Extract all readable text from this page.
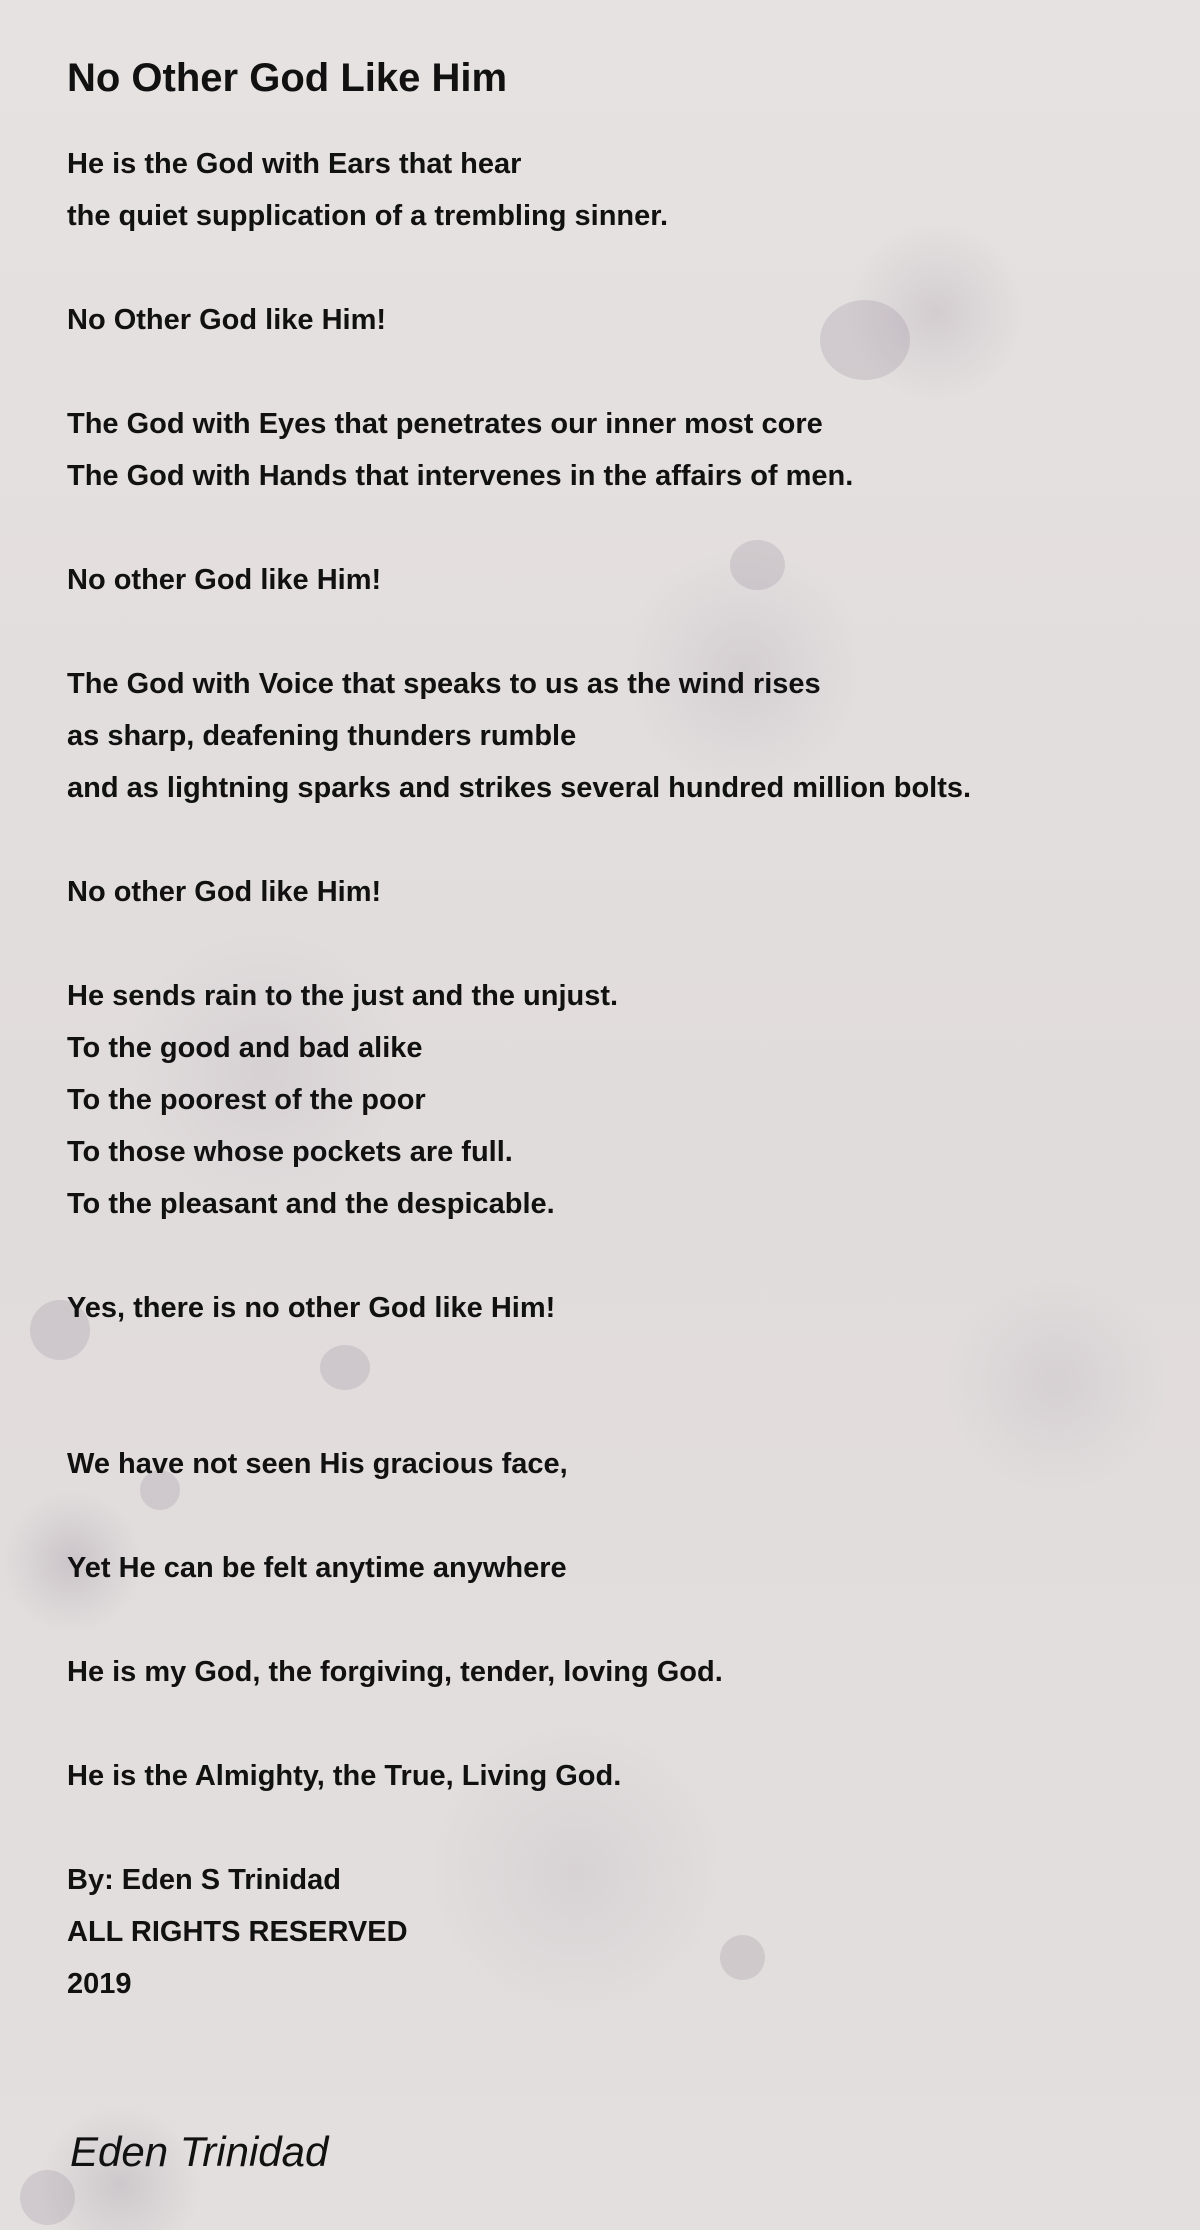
No Other God Like Him
He is the God with Ears that hear
the quiet supplication of a trembling sinner.
No Other God like Him!
The God with Eyes that penetrates our inner most core
The God with Hands that intervenes in the affairs of men.
No other God like Him!
The God with Voice that speaks to us as the wind rises
as sharp, deafening thunders rumble
and as lightning sparks and strikes several hundred million bolts.
No other God like Him!
He sends rain to the just and the unjust.
To the good and bad alike
To the poorest of the poor
To those whose pockets are full.
To the pleasant and the despicable.
Yes, there is no other God like Him!
We have not seen His gracious face,
Yet He can be felt anytime anywhere
He is my God, the forgiving, tender, loving God.
He is the Almighty, the True, Living God.
By: Eden S Trinidad
ALL RIGHTS RESERVED
2019
Eden Trinidad
